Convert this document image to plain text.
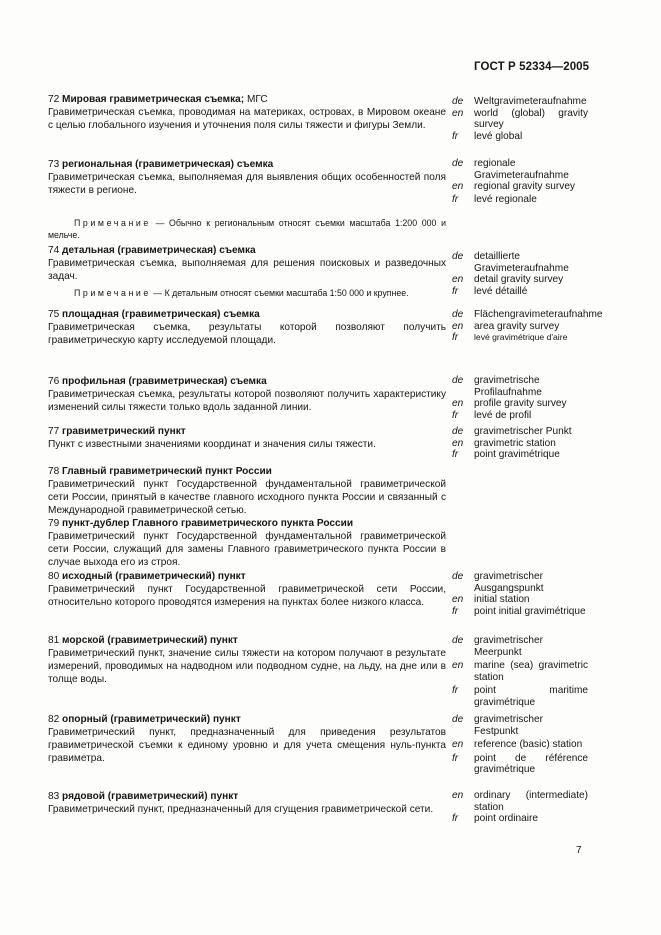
ГОСТ Р 52334—2005
72 Мировая гравиметрическая съемка; МГС
Гравиметрическая съемка, проводимая на материках, островах, в Мировом океане с целью глобального изучения и уточнения поля силы тяжести и фигуры Земли.
de	Weltgravimeteraufnahme
en	world (global) gravity survey
fr	levé global
73 региональная (гравиметрическая) съемка
Гравиметрическая съемка, выполняемая для выявления общих особенностей поля тяжести в регионе.
Примечание — Обычно к региональным относят съемки масштаба 1:200 000 и мельче.
de	regionale Gravimeteraufnahme
en	regional gravity survey
fr	levé regionale
74 детальная (гравиметрическая) съемка
Гравиметрическая съемка, выполняемая для решения поисковых и разведочных задач.
Примечание — К детальным относят съемки масштаба 1:50 000 и крупнее.
de	detaillierte Gravimeteraufnahme
en	detail gravity survey
fr	levé détaillé
75 площадная (гравиметрическая) съемка
Гравиметрическая съемка, результаты которой позволяют получить гравиметрическую карту исследуемой площади.
de	Flächengravimeteraufnahme
en	area gravity survey
fr	levé gravimétrique d'aire
76 профильная (гравиметрическая) съемка
Гравиметрическая съемка, результаты которой позволяют получить характеристику изменений силы тяжести только вдоль заданной линии.
de	gravimetrische Profilaufnahme
en	profile gravity survey
fr	levé de profil
77 гравиметрический пункт
Пункт с известными значениями координат и значения силы тяжести.
de	gravimetrischer Punkt
en	gravimetric station
fr	point gravimétrique
78 Главный гравиметрический пункт России
Гравиметрический пункт Государственной фундаментальной гравиметрической сети России, принятый в качестве главного исходного пункта России и связанный с Международной гравиметрической сетью.
79 пункт-дублер Главного гравиметрического пункта России
Гравиметрический пункт Государственной фундаментальной гравиметрической сети России, служащий для замены Главного гравиметрического пункта России в случае выхода его из строя.
80 исходный (гравиметрический) пункт
Гравиметрический пункт Государственной гравиметрической сети России, относительно которого проводятся измерения на пунктах более низкого класса.
de	gravimetrischer Ausgangspunkt
en	initial station
fr	point initial gravimétrique
81 морской (гравиметрический) пункт
Гравиметрический пункт, значение силы тяжести на котором получают в результате измерений, проводимых на надводном или подводном судне, на льду, на дне или в толще воды.
de	gravimetrischer Meerpunkt
en	marine (sea) gravimetric station
fr	point maritime gravimétrique
82 опорный (гравиметрический) пункт
Гравиметрический пункт, предназначенный для приведения результатов гравиметрической съемки к единому уровню и для учета смещения нуль-пункта гравиметра.
de	gravimetrischer Festpunkt
en	reference (basic) station
fr	point de référence gravimétrique
83 рядовой (гравиметрический) пункт
Гравиметрический пункт, предназначенный для сгущения гравиметрической сети.
en	ordinary (intermediate) station
fr	point ordinaire
7
